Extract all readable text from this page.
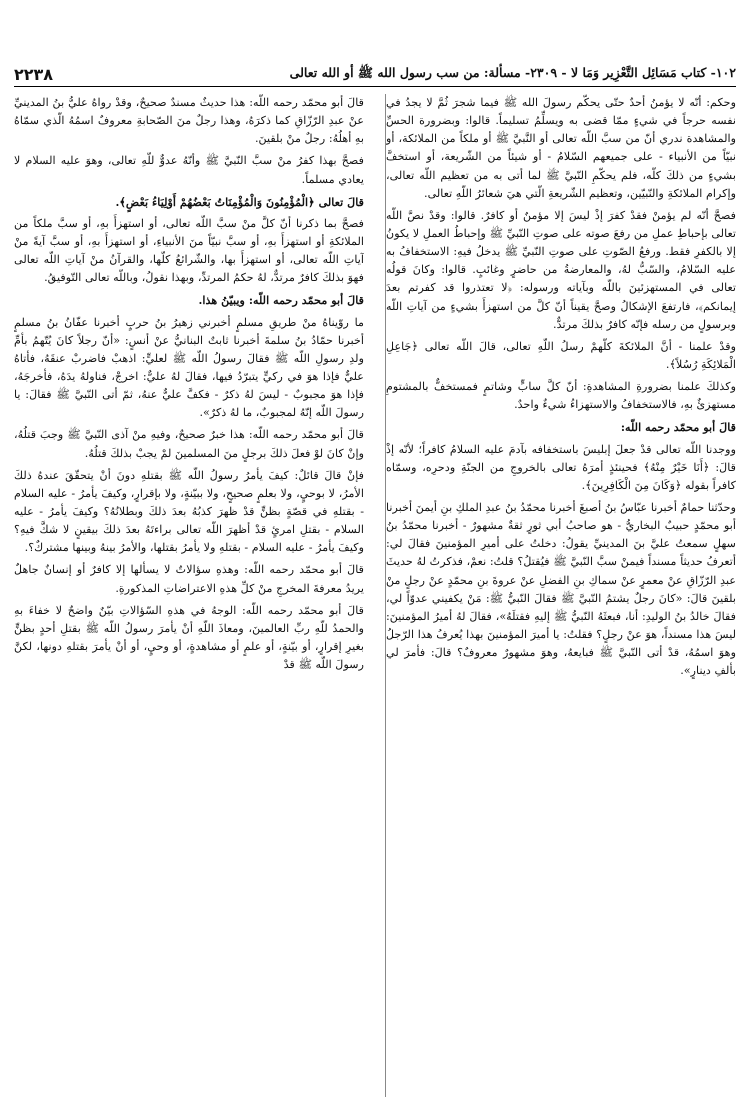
١٠٢- كتاب مَسَائِل التَّعْزِير وَمَا لا - ٢٣٠٩- مسألة: من سب رسول الله ﷺ أو الله تعالى
٢٢٣٨

وحكم: أنّه لا يؤمنُ أحدٌ حتّى يحكّم رسولَ الله ﷺ فيما شجرَ ثُمَّ لا يجدُ في نفسه حرجاً في شيءٍ ممّا قضى به ويسلِّمُ تسليماً. قالوا: وبضرورة الحسِّ والمشاهدة ندري أنّ من سبَّ اللّه تعالى أو النَّبيَّ ﷺ أو ملكاً من الملائكة، أو نبيّاً من الأنبياء - على جميعهم السّلامُ - أو شيئاً من الشّريعة، أو استخفَّ بشيءٍ من ذلكَ كلّه، فلم يحكّمِ النّبيَّ ﷺ لما أتى به من تعظيم اللّه تعالى، وإكرام الملائكةِ والنّبيّين، وتعظيم الشّريعةِ الّتي هيَ شعائرُ اللّهِ تعالى.

فصحَّ أنّه لم يؤمنْ فقدْ كفرَ إذْ ليسَ إلا مؤمنٌ أو كافرٌ. قالوا: وقدْ نصَّ اللّه تعالى بإحباطِ عملِ من رفعَ صوته على صوتِ النّبيِّ ﷺ وإحباطُ العملِ لا يكونُ إلا بالكفرِ فقط. ورفعُ الصّوتِ على صوتِ النّبيِّ ﷺ يدخلُ فيهِ: الاستخفافُ به عليه السّلامُ، والسّبُّ لهُ، والمعارضةُ من حاضرٍ وغائبٍ. قالوا: وكانَ قولُه تعالى في المستهزئينَ باللّه وبآياته ورسوله: ﴿لا تعتذروا قد كفرتم بعدَ إيمانكم﴾، فارتفعَ الإشكالُ وصحَّ يقيناً أنّ كلَّ من استهزأَ بشيءٍ من آياتِ اللّه وبرسولٍ من رسله فإنّه كافرٌ بذلكَ مرتدٌّ.

وقدْ علمنا - أنَّ الملائكةَ كلّهمْ رسلُ اللّهِ تعالى، قالَ اللّه تعالى ﴿جَاعِلِ الْمَلائِكَةِ رُسُلاً﴾.

وكذلكَ علمنا بضرورةِ المشاهدةِ: أنّ كلَّ سابٍّ وشاتمٍ فمستخفٌّ بالمشتومِ مستهزئٌ بهِ، فالاستخفافُ والاستهزاءُ شيءٌ واحدٌ.

قالَ أبو محمّد رحمه اللّه:

ووجدنا اللّه تعالى قدْ جعلَ إبليسَ باستخفافه بآدمَ عليه السلامُ كافراً؛ لأنّه إذْ قالَ: ﴿أَنَا خَيْرٌ مِنْهُ﴾ فحينئذٍ أمرَهُ تعالى بالخروجِ من الجنّةِ ودحرِه، وسمّاه كافراً بقوله ﴿وَكَانَ مِنَ الْكَافِرِينَ﴾.

وحدّثنا حمامٌ أخبرنا عبّاسُ بنُ أصبغَ أخبرنا محمّدُ بنُ عبدِ الملكِ بنِ أيمنَ أخبرنا أبو محمّدٍ حبيبٌ البخاريُّ - هو صاحبُ أبي ثورٍ ثقةٌ مشهورٌ - أخبرنا محمّدُ بنُ سهلٍ سمعتُ عليَّ بنَ المدينيِّ يقولُ: دخلتُ على أميرِ المؤمنينَ فقالَ لي: أتعرفُ حديثاً مسنداً فيمنْ سبَّ النّبيَّ ﷺ فيُقتلُ؟ قلتُ: نعمْ، فذكرتُ لهُ حديثَ عبدِ الرّزّاقِ عنْ معمرٍ عنْ سماكِ بنِ الفضلِ عنْ عروةَ بنِ محمّدٍ عنْ رجلٍ منْ بلقينَ قالَ: «كانَ رجلٌ يشتمُ النّبيَّ ﷺ فقالَ النّبيُّ ﷺ: مَنْ يكفيني عدوّاً لي، فقالَ خالدُ بنُ الوليدِ: أنا، فبعثَهُ النّبيُّ ﷺ إليهِ فقتلَهُ»، فقالَ لهُ أميرُ المؤمنينَ: ليسَ هذا مسنداً، هوَ عنْ رجلٍ؟ فقلتُ: يا أميرَ المؤمنينَ بهذا يُعرفُ هذا الرّجلُ وهوَ اسمُهُ، قدْ أتى النّبيَّ ﷺ فبايعهُ، وهوَ مشهورٌ معروفٌ؟ قالَ: فأمرَ لي بألفِ دينارٍ».

قالَ أبو محمّد رحمه اللّه: هذا حديثٌ مسندٌ صحيحٌ، وقدْ رواهُ عليُّ بنُ المدينيِّ عنْ عبدِ الرّزّاقِ كما ذكرَهُ، وهذا رجلٌ منَ الصّحابةِ معروفٌ اسمُهُ الّذي سمّاهُ بهِ أهلُهُ: رجلٌ منْ بلقينَ.

فصحَّ بهذا كفرُ منْ سبَّ النّبيَّ ﷺ وأنّهُ عدوٌّ للّهِ تعالى، وهوَ عليه السلام لا يعادي مسلماً.

قالَ تعالى ﴿الْمُؤْمِنُونَ وَالْمُؤْمِنَاتُ بَعْضُهُمْ أَوْلِيَاءُ بَعْضٍ﴾.

فصحَّ بما ذكرنا أنّ كلَّ منْ سبَّ اللّه تعالى، أو استهزأَ بهِ، أو سبَّ ملكاً من الملائكةِ أو استهزأَ بهِ، أو سبَّ نبيّاً منَ الأنبياءِ، أو استهزأَ بهِ، أو سبَّ آيةً منْ آياتِ اللّه تعالى، أو استهزأَ بها، والشّرائعُ كلّها، والقرآنُ منْ آياتِ اللّه تعالى فهوَ بذلكَ كافرٌ مرتدٌّ، لهُ حكمُ المرتدِّ، وبهذا نقولُ، وباللّه تعالى التّوفيقُ.

قالَ أبو محمّد رحمه اللّه: ويبيّنُ هذا.

ما روّيناهُ منْ طريقِ مسلمٍ أخبرني زهيرُ بنُ حربٍ أخبرنا عفّانُ بنُ مسلمٍ أخبرنا حمّادُ بنُ سلمةَ أخبرنا ثابتٌ البنانيُّ عنْ أنسٍ: «أنّ رجلاً كانَ يُتّهمُ بأمِّ ولدِ رسولِ اللّه ﷺ فقالَ رسولُ اللّه ﷺ لعليٍّ: اذهبْ فاضربْ عنقَهُ، فأتاهُ عليٌّ فإذا هوَ في ركيٍّ يتبرّدُ فيها، فقالَ لهُ عليٌّ: اخرجْ، فناولهُ يدَهُ، فأخرجَهُ، فإذا هوَ مجبوبٌ - ليسَ لهُ ذكرٌ - فكفَّ عليٌّ عنهُ، ثمّ أتى النّبيَّ ﷺ فقالَ: يا رسولَ اللّه إنّهُ لمجبوبٌ، ما لهُ ذكرٌ».

قالَ أبو محمّد رحمه اللّه: هذا خبرٌ صحيحٌ، وفيهِ منْ آذى النّبيَّ ﷺ وجبَ قتلُهُ، وإنْ كانَ لوْ فعلَ ذلكَ برجلٍ منَ المسلمينَ لمْ يجبْ بذلكَ قتلُهُ.

فإنْ قالَ قائلٌ: كيفَ يأمرُ رسولُ اللّه ﷺ بقتلهِ دونَ أنْ يتحقّقَ عندهُ ذلكَ الأمرُ، لا بوحيٍ، ولا بعلمٍ صحيحٍ، ولا ببيّنةٍ، ولا بإقرارٍ، وكيفَ يأمرُ - عليه السلام - بقتلهِ في قصّةٍ بظنٍّ قدْ ظهرَ كذبُهُ بعدَ ذلكَ وبطلانُهُ؟ وكيفَ يأمرُ - عليه السلام - بقتلِ امرئٍ قدْ أظهرَ اللّه تعالى براءتَهُ بعدَ ذلكَ بيقينٍ لا شكَّ فيهِ؟ وكيفَ يأمرُ - عليه السلام - بقتلهِ ولا يأمرُ بقتلها، والأمرُ بينهُ وبينها مشتركٌ؟.

قالَ أبو محمّد رحمه اللّه: وهذهِ سؤالاتٌ لا يسألها إلا كافرٌ أو إنسانٌ جاهلٌ يريدُ معرفةَ المخرجِ منْ كلِّ هذهِ الاعتراضاتِ المذكورةِ.

قالَ أبو محمّد رحمه اللّه: الوجهُ في هذهِ السّؤالاتِ بيّنٌ واضحٌ لا خفاءَ بهِ والحمدُ للّهِ ربِّ العالمينَ، ومعاذَ اللّهِ أنْ يأمرَ رسولُ اللّه ﷺ بقتلِ أحدٍ بظنٍّ بغيرِ إقرارٍ، أو بيّنةٍ، أو علمٍ أو مشاهدةٍ، أو وحيٍ، أو أنْ يأمرَ بقتلهِ دونها، لكنَّ رسولَ اللّه ﷺ قدْ
